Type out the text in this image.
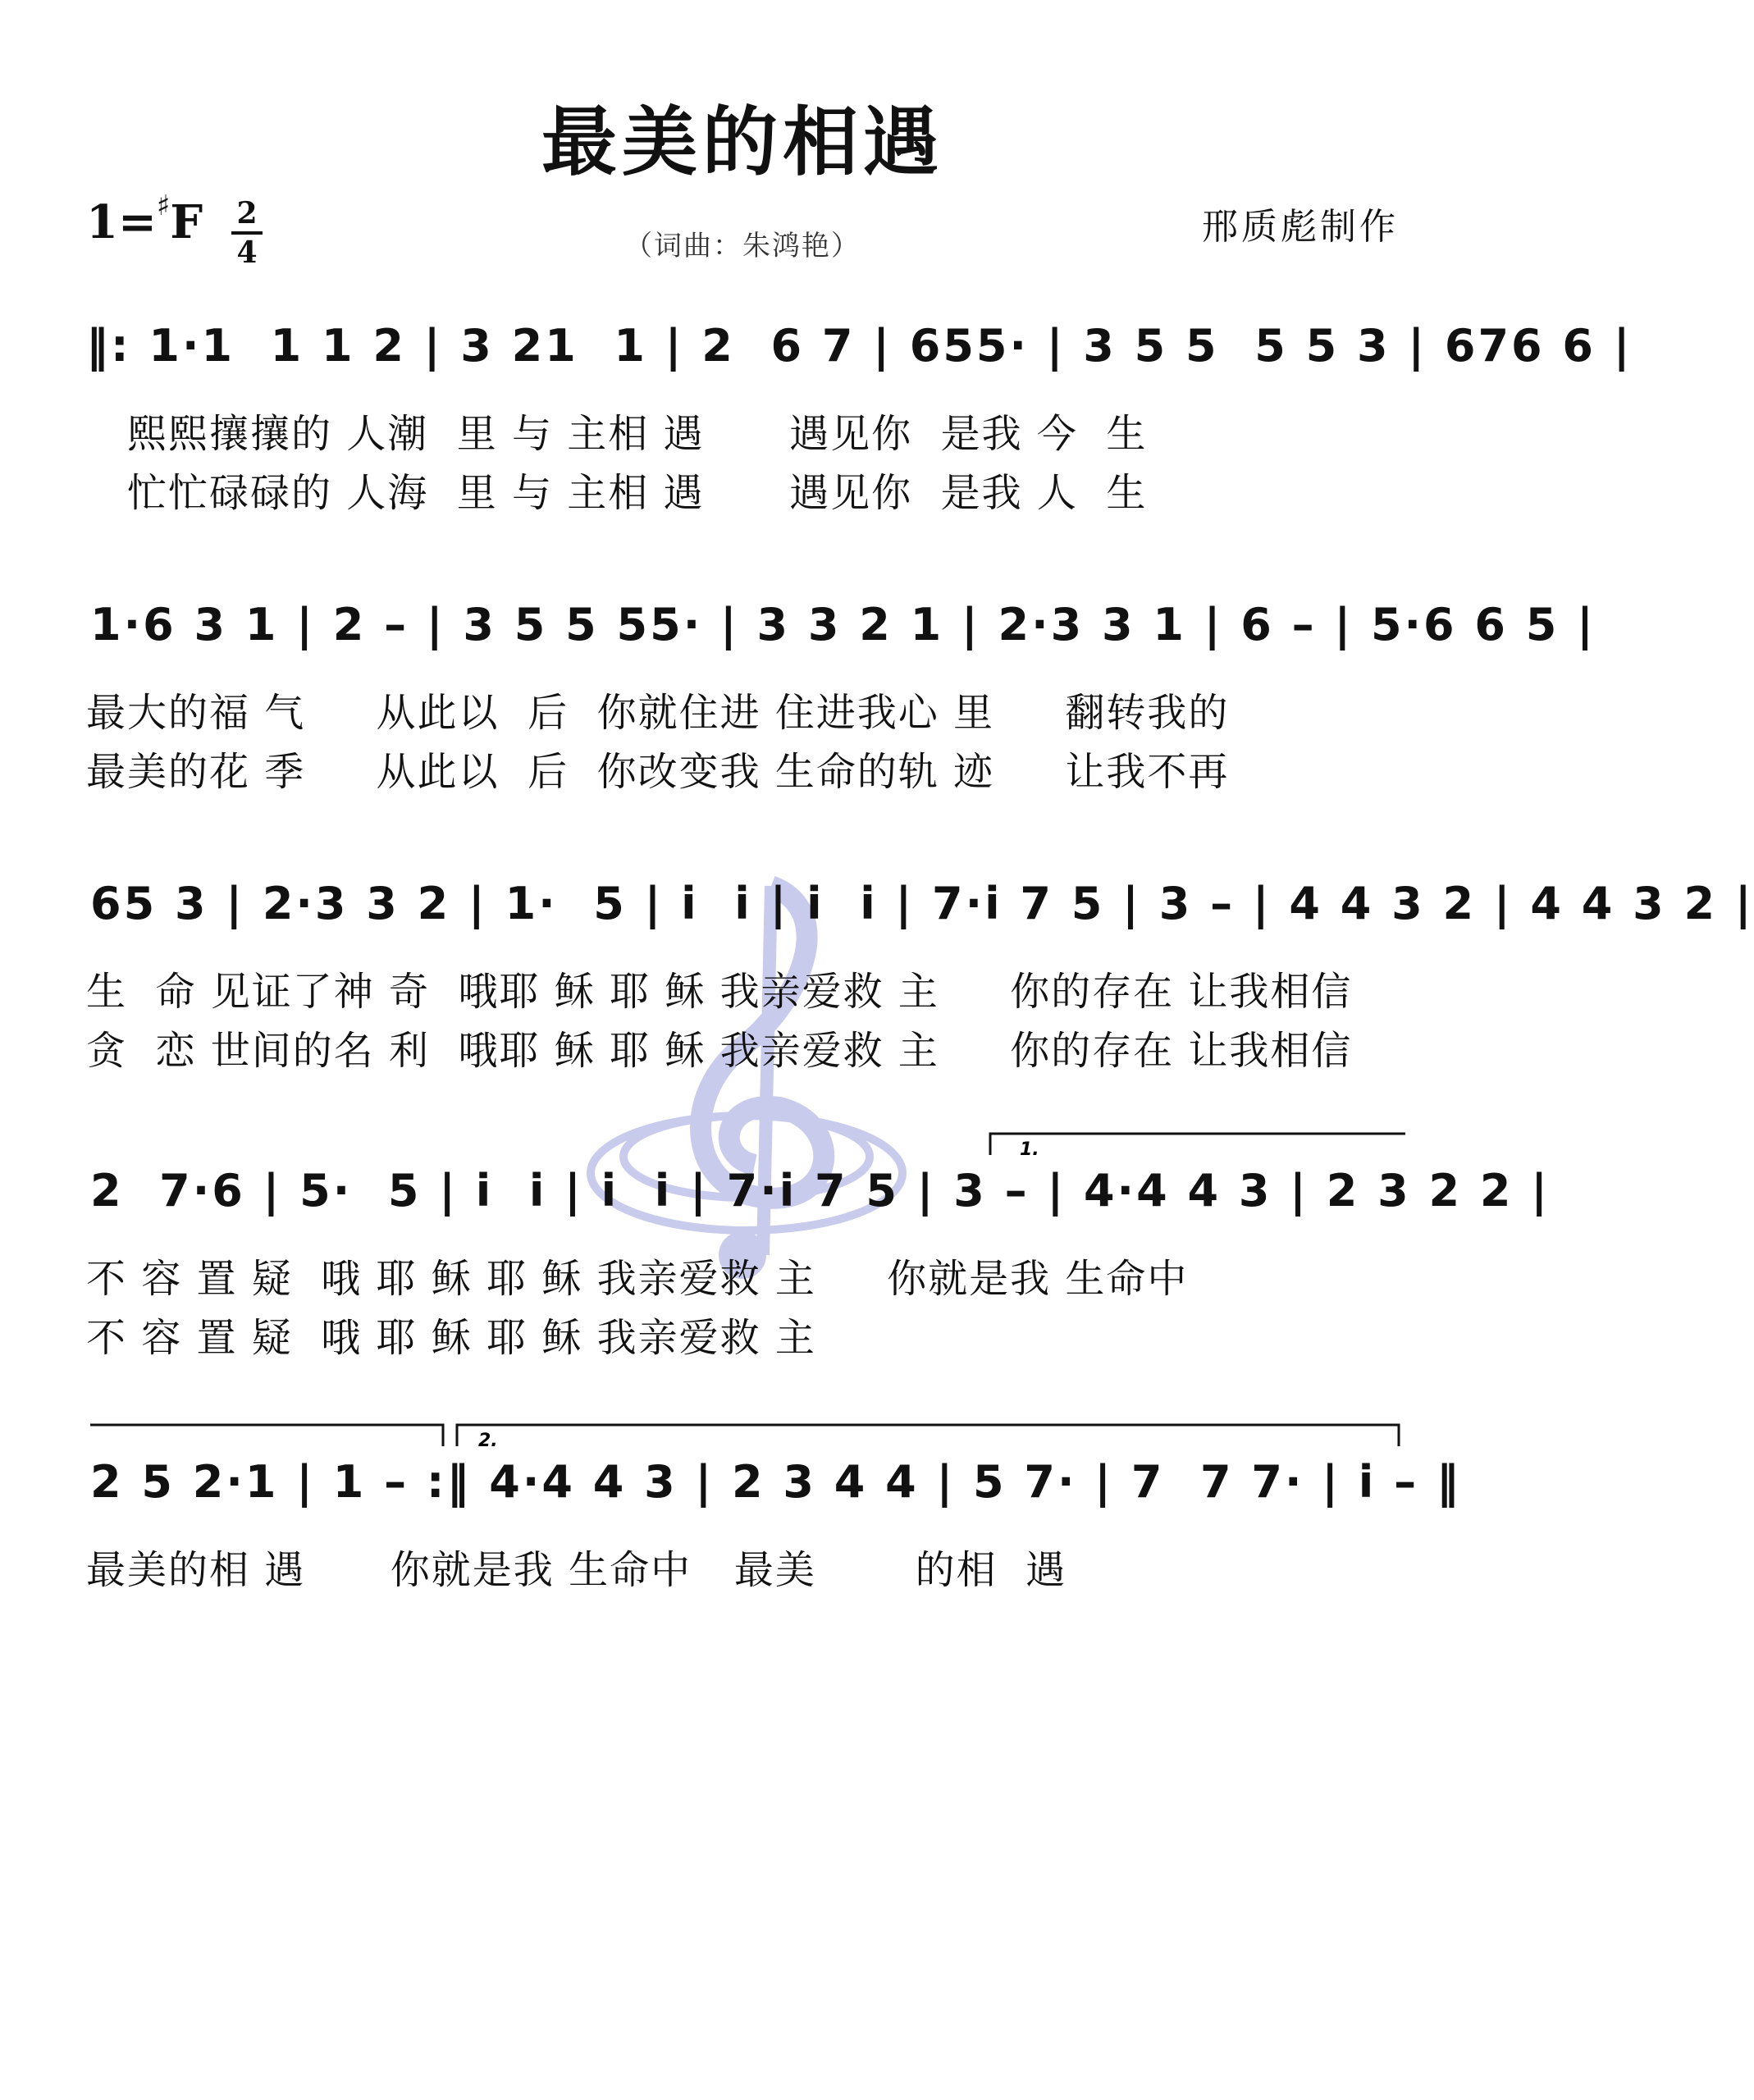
最美的相遇
1=♯F	2
4	（词曲：朱鸿艳）	邢质彪制作
‖: 1·1  1 1 2 | 3 21  1 | 2  6 7 | 655· | 3 5 5  5 5 3 | 676 6 |
熙熙攘攘的 人潮  里 与 主相 遇      遇见你  是我 今  生
忙忙碌碌的 人海  里 与 主相 遇      遇见你  是我 人  生
1·6 3 1 | 2 – | 3 5 5 55· | 3 3 2 1 | 2·3 3 1 | 6 – | 5·6 6 5 |
最大的福 气     从此以  后  你就住进 住进我心 里     翻转我的
最美的花 季     从此以  后  你改变我 生命的轨 迹     让我不再
65 3 | 2·3 3 2 | 1·  5 | i  i | i  i | 7·i 7 5 | 3 – | 4 4 3 2 | 4 4 3 2 |
生  命 见证了神 奇  哦耶 稣 耶 稣 我亲爱救 主     你的存在 让我相信
贪  恋 世间的名 利  哦耶 稣 耶 稣 我亲爱救 主     你的存在 让我相信
1.
2  7·6 | 5·  5 | i  i | i  i | 7·i 7 5 | 3 – | 4·4 4 3 | 2 3 2 2 |
不 容 置 疑  哦 耶 稣 耶 稣 我亲爱救 主     你就是我 生命中
不 容 置 疑  哦 耶 稣 耶 稣 我亲爱救 主
2.
2 5 2·1 | 1 – :‖ 4·4 4 3 | 2 3 4 4 | 5 7· | 7  7 7· | i – ‖
最美的相 遇      你就是我 生命中   最美       的相  遇
